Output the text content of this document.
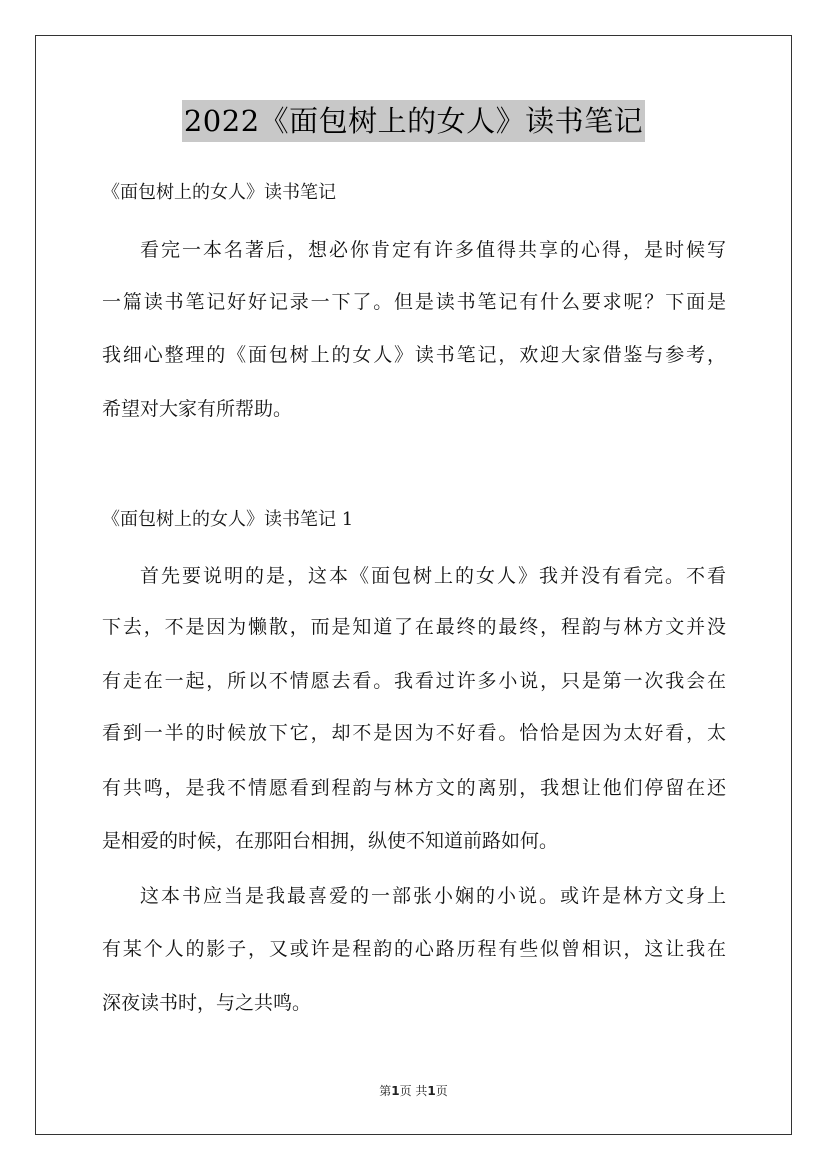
2022《面包树上的女人》读书笔记
《面包树上的女人》读书笔记
看完一本名著后，想必你肯定有许多值得共享的心得，是时候写
一篇读书笔记好好记录一下了。但是读书笔记有什么要求呢？下面是
我细心整理的《面包树上的女人》读书笔记，欢迎大家借鉴与参考，
希望对大家有所帮助。
《面包树上的女人》读书笔记 1
首先要说明的是，这本《面包树上的女人》我并没有看完。不看
下去，不是因为懒散，而是知道了在最终的最终，程韵与林方文并没
有走在一起，所以不情愿去看。我看过许多小说，只是第一次我会在
看到一半的时候放下它，却不是因为不好看。恰恰是因为太好看，太
有共鸣，是我不情愿看到程韵与林方文的离别，我想让他们停留在还
是相爱的时候，在那阳台相拥，纵使不知道前路如何。
这本书应当是我最喜爱的一部张小娴的小说。或许是林方文身上
有某个人的影子，又或许是程韵的心路历程有些似曾相识，这让我在
深夜读书时，与之共鸣。
第1页 共1页
